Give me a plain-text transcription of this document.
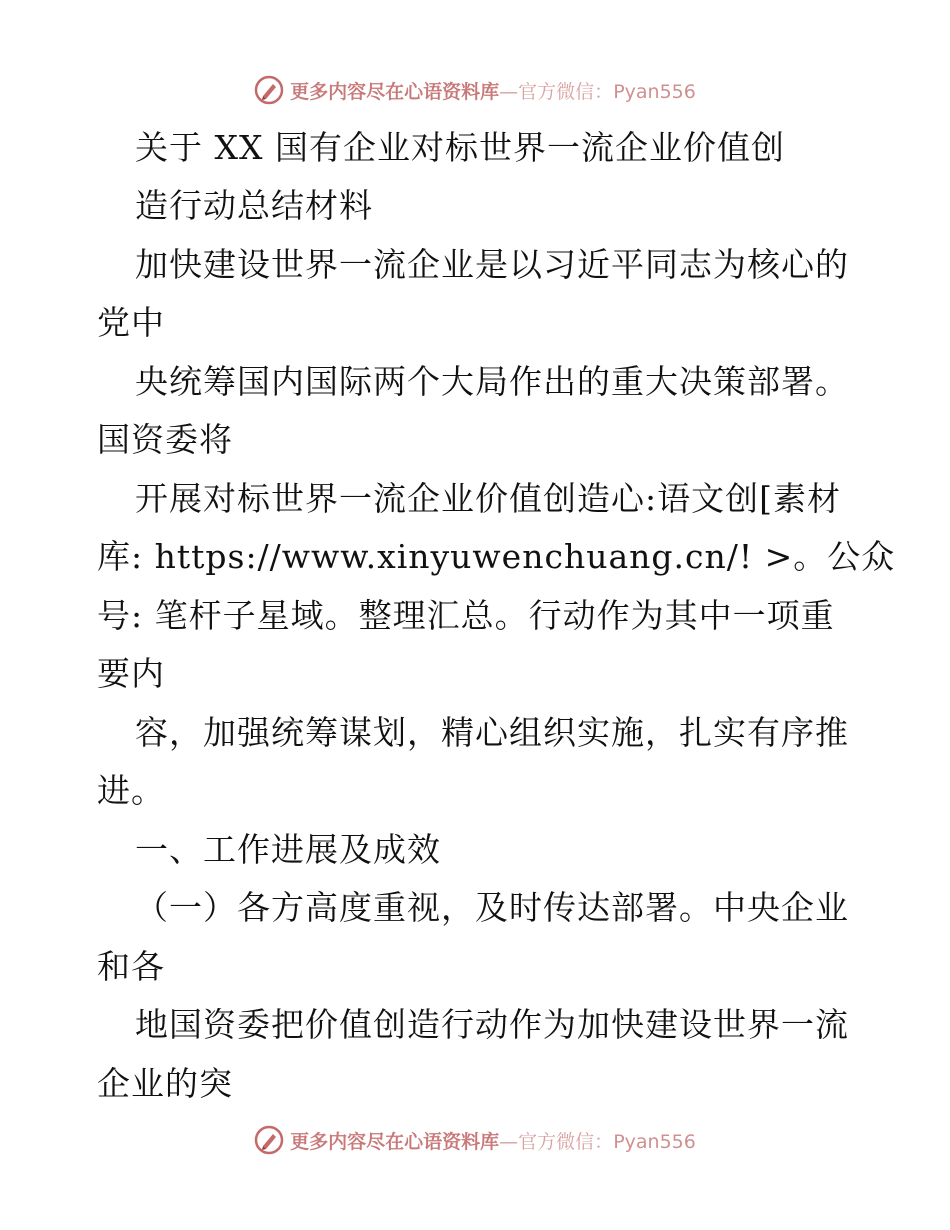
更多内容尽在心语资料库—官方微信：Pyan556
关于 XX 国有企业对标世界一流企业价值创
造行动总结材料
加快建设世界一流企业是以习近平同志为核心的
党中
央统筹国内国际两个大局作出的重大决策部署。
国资委将
开展对标世界一流企业价值创造心:语文创[素材
库: https://www.xinyuwenchuang.cn/! >。公众
号: 笔杆子星域。整理汇总。行动作为其中一项重
要内
容，加强统筹谋划，精心组织实施，扎实有序推
进。
一、工作进展及成效
（一）各方高度重视，及时传达部署。中央企业
和各
地国资委把价值创造行动作为加快建设世界一流
企业的突
更多内容尽在心语资料库—官方微信：Pyan556
